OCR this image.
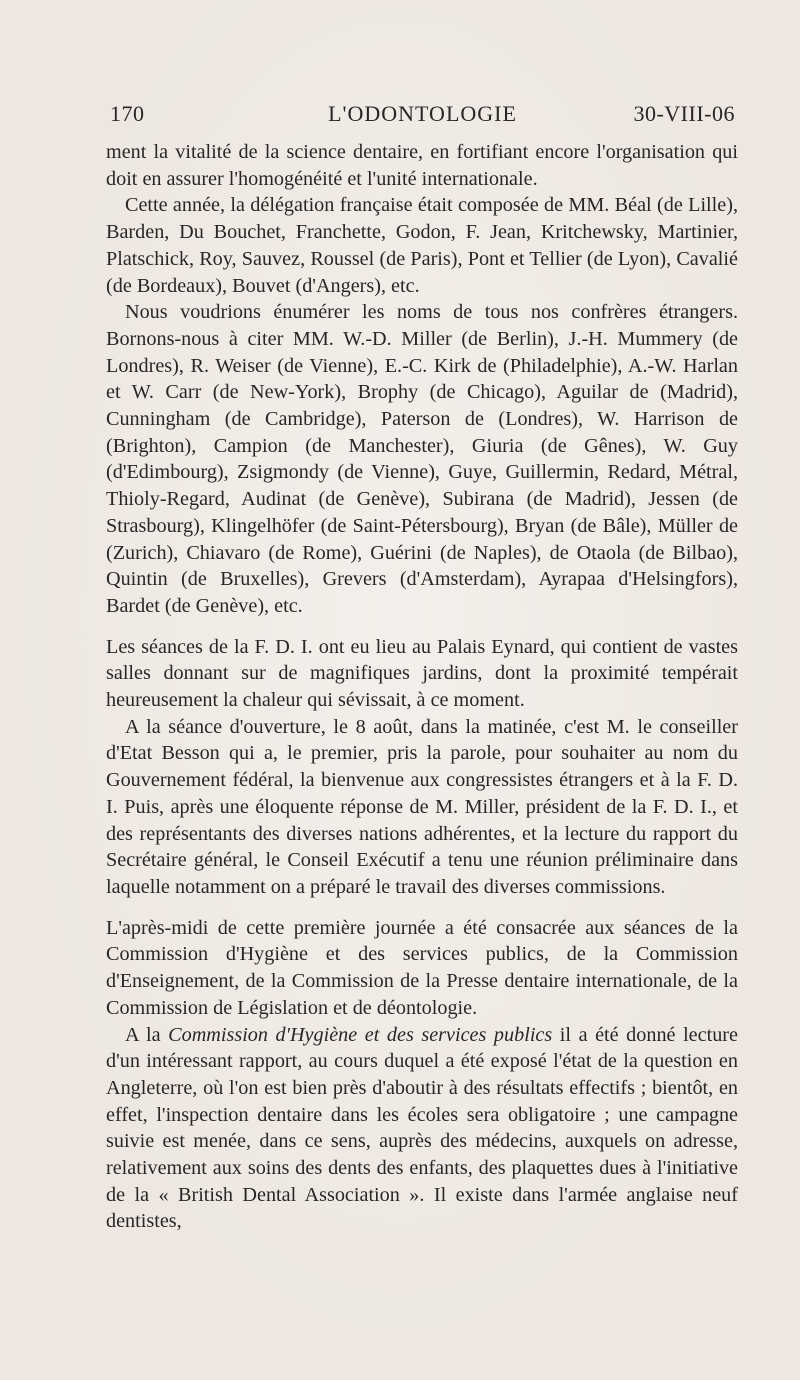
170	L'ODONTOLOGIE	30-VIII-06

ment la vitalité de la science dentaire, en fortifiant encore l'organisation qui doit en assurer l'homogénéité et l'unité internationale.

Cette année, la délégation française était composée de MM. Béal (de Lille), Barden, Du Bouchet, Franchette, Godon, F. Jean, Kritchewsky, Martinier, Platschick, Roy, Sauvez, Roussel (de Paris), Pont et Tellier (de Lyon), Cavalié (de Bordeaux), Bouvet (d'Angers), etc.

Nous voudrions énumérer les noms de tous nos confrères étrangers. Bornons-nous à citer MM. W.-D. Miller (de Berlin), J.-H. Mummery (de Londres), R. Weiser (de Vienne), E.-C. Kirk de (Philadelphie), A.-W. Harlan et W. Carr (de New-York), Brophy (de Chicago), Aguilar de (Madrid), Cunningham (de Cambridge), Paterson de (Londres), W. Harrison de (Brighton), Campion (de Manchester), Giuria (de Gênes), W. Guy (d'Edimbourg), Zsigmondy (de Vienne), Guye, Guillermin, Redard, Métral, Thioly-Regard, Audinat (de Genève), Subirana (de Madrid), Jessen (de Strasbourg), Klingelhöfer (de Saint-Pétersbourg), Bryan (de Bâle), Müller de (Zurich), Chiavaro (de Rome), Guérini (de Naples), de Otaola (de Bilbao), Quintin (de Bruxelles), Grevers (d'Amsterdam), Ayrapaa d'Helsingfors), Bardet (de Genève), etc.

Les séances de la F. D. I. ont eu lieu au Palais Eynard, qui contient de vastes salles donnant sur de magnifiques jardins, dont la proximité tempérait heureusement la chaleur qui sévissait, à ce moment.

A la séance d'ouverture, le 8 août, dans la matinée, c'est M. le conseiller d'Etat Besson qui a, le premier, pris la parole, pour souhaiter au nom du Gouvernement fédéral, la bienvenue aux congressistes étrangers et à la F. D. I. Puis, après une éloquente réponse de M. Miller, président de la F. D. I., et des représentants des diverses nations adhérentes, et la lecture du rapport du Secrétaire général, le Conseil Exécutif a tenu une réunion préliminaire dans laquelle notamment on a préparé le travail des diverses commissions.

L'après-midi de cette première journée a été consacrée aux séances de la Commission d'Hygiène et des services publics, de la Commission d'Enseignement, de la Commission de la Presse dentaire internationale, de la Commission de Législation et de déontologie.

A la Commission d'Hygiène et des services publics il a été donné lecture d'un intéressant rapport, au cours duquel a été exposé l'état de la question en Angleterre, où l'on est bien près d'aboutir à des résultats effectifs ; bientôt, en effet, l'inspection dentaire dans les écoles sera obligatoire ; une campagne suivie est menée, dans ce sens, auprès des médecins, auxquels on adresse, relativement aux soins des dents des enfants, des plaquettes dues à l'initiative de la « British Dental Association ». Il existe dans l'armée anglaise neuf dentistes,
